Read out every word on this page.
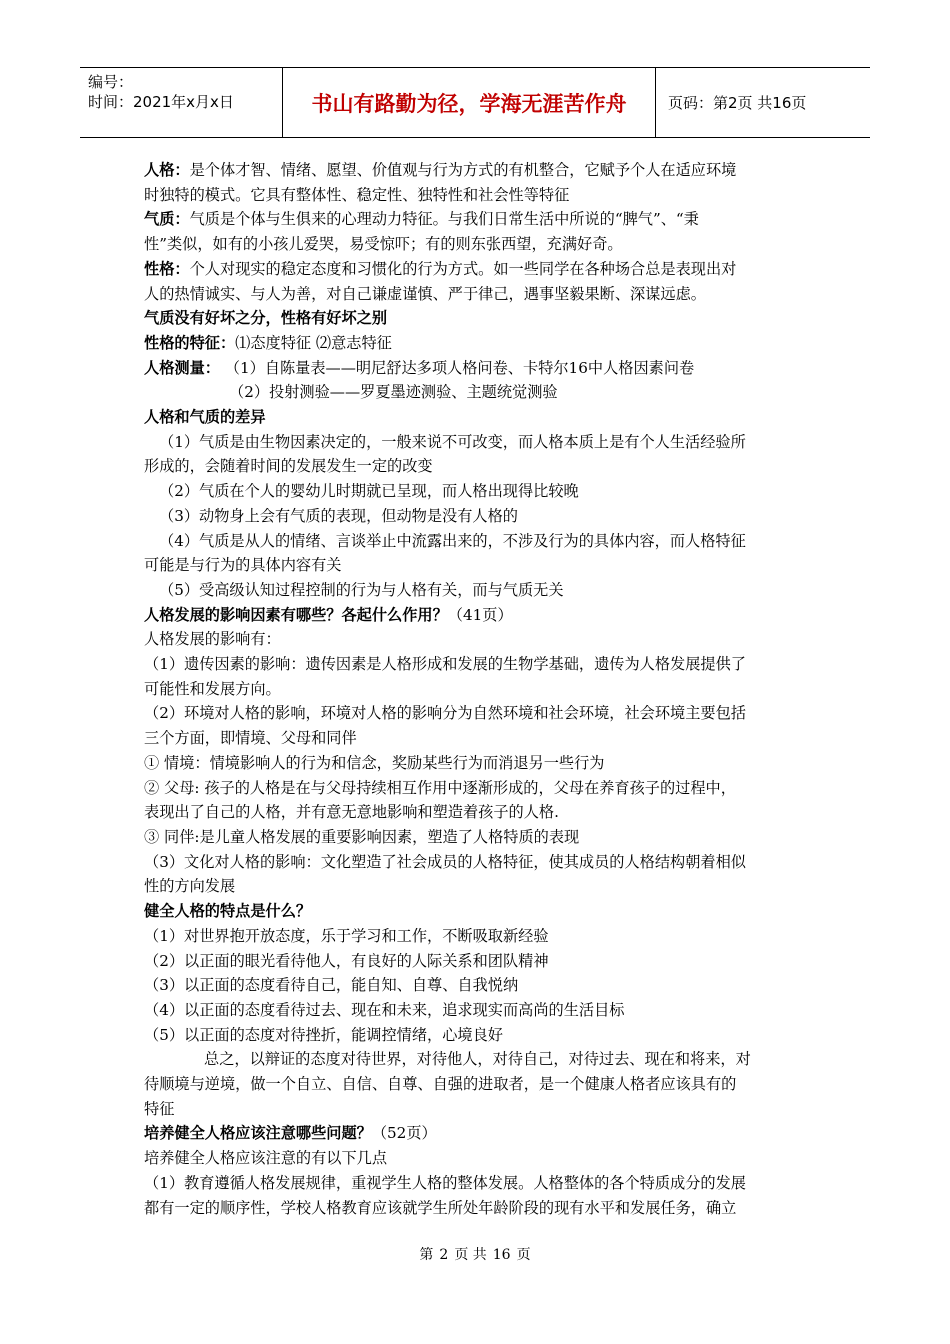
编号：
时间：2021年x月x日	书山有路勤为径，学海无涯苦作舟	页码：第2页 共16页

人格：是个体才智、情绪、愿望、价值观与行为方式的有机整合，它赋予个人在适应环境

时独特的模式。它具有整体性、稳定性、独特性和社会性等特征

气质：气质是个体与生俱来的心理动力特征。与我们日常生活中所说的“脾气”、“秉

性”类似，如有的小孩儿爱哭，易受惊吓；有的则东张西望，充满好奇。

性格：个人对现实的稳定态度和习惯化的行为方式。如一些同学在各种场合总是表现出对

人的热情诚实、与人为善，对自己谦虚谨慎、严于律己，遇事坚毅果断、深谋远虑。

气质没有好坏之分，性格有好坏之别

性格的特征：⑴态度特征 ⑵意志特征

人格测量： （1）自陈量表——明尼舒达多项人格问卷、卡特尔16中人格因素问卷

（2）投射测验——罗夏墨迹测验、主题统觉测验

人格和气质的差异

（1）气质是由生物因素决定的，一般来说不可改变，而人格本质上是有个人生活经验所

形成的，会随着时间的发展发生一定的改变

（2）气质在个人的婴幼儿时期就已呈现，而人格出现得比较晚

（3）动物身上会有气质的表现，但动物是没有人格的

（4）气质是从人的情绪、言谈举止中流露出来的，不涉及行为的具体内容，而人格特征

可能是与行为的具体内容有关

（5）受高级认知过程控制的行为与人格有关，而与气质无关

人格发展的影响因素有哪些？各起什么作用？（41页）

人格发展的影响有：

（1）遗传因素的影响：遗传因素是人格形成和发展的生物学基础，遗传为人格发展提供了

可能性和发展方向。

（2）环境对人格的影响，环境对人格的影响分为自然环境和社会环境，社会环境主要包括

三个方面，即情境、父母和同伴

① 情境：情境影响人的行为和信念，奖励某些行为而消退另一些行为

② 父母: 孩子的人格是在与父母持续相互作用中逐渐形成的，父母在养育孩子的过程中，

表现出了自己的人格，并有意无意地影响和塑造着孩子的人格.

③ 同伴:是儿童人格发展的重要影响因素，塑造了人格特质的表现

（3）文化对人格的影响：文化塑造了社会成员的人格特征，使其成员的人格结构朝着相似

性的方向发展

健全人格的特点是什么？

（1）对世界抱开放态度，乐于学习和工作，不断吸取新经验

（2）以正面的眼光看待他人，有良好的人际关系和团队精神

（3）以正面的态度看待自己，能自知、自尊、自我悦纳

（4）以正面的态度看待过去、现在和未来，追求现实而高尚的生活目标

（5）以正面的态度对待挫折，能调控情绪，心境良好

总之，以辩证的态度对待世界，对待他人，对待自己，对待过去、现在和将来，对

待顺境与逆境，做一个自立、自信、自尊、自强的进取者，是一个健康人格者应该具有的

特征

培养健全人格应该注意哪些问题？（52页）

培养健全人格应该注意的有以下几点

（1）教育遵循人格发展规律，重视学生人格的整体发展。人格整体的各个特质成分的发展

都有一定的顺序性，学校人格教育应该就学生所处年龄阶段的现有水平和发展任务，确立

第 2 页 共 16 页
